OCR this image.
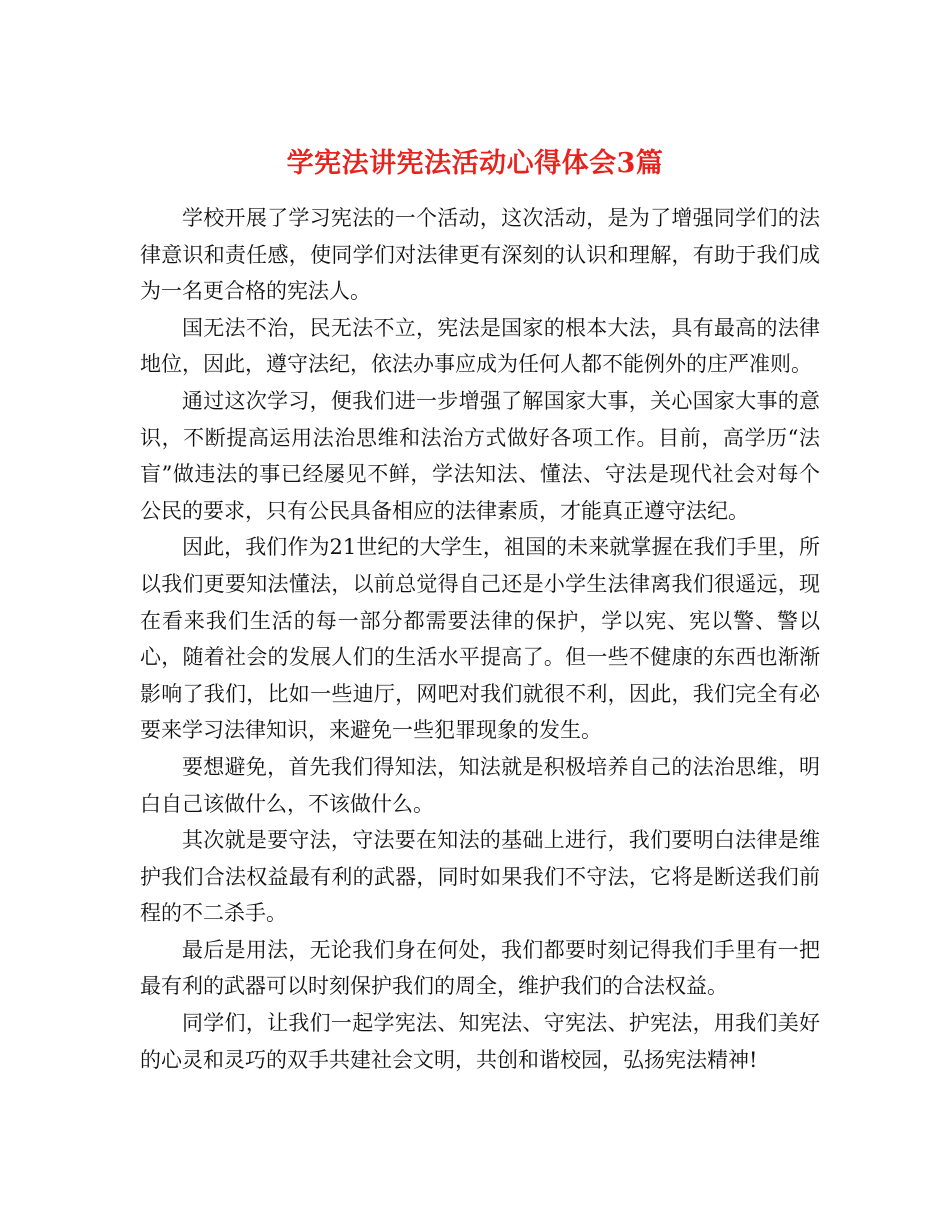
学宪法讲宪法活动心得体会3篇

学校开展了学习宪法的一个活动，这次活动，是为了增强同学们的法律意识和责任感，使同学们对法律更有深刻的认识和理解，有助于我们成为一名更合格的宪法人。

国无法不治，民无法不立，宪法是国家的根本大法，具有最高的法律地位，因此，遵守法纪，依法办事应成为任何人都不能例外的庄严准则。

通过这次学习，便我们进一步增强了解国家大事，关心国家大事的意识，不断提高运用法治思维和法治方式做好各项工作。目前，高学历“法盲”做违法的事已经屡见不鲜，学法知法、懂法、守法是现代社会对每个公民的要求，只有公民具备相应的法律素质，才能真正遵守法纪。

因此，我们作为21世纪的大学生，祖国的未来就掌握在我们手里，所以我们更要知法懂法，以前总觉得自己还是小学生法律离我们很遥远，现在看来我们生活的每一部分都需要法律的保护，学以宪、宪以警、警以心，随着社会的发展人们的生活水平提高了。但一些不健康的东西也渐渐影响了我们，比如一些迪厅，网吧对我们就很不利，因此，我们完全有必要来学习法律知识，来避免一些犯罪现象的发生。

要想避免，首先我们得知法，知法就是积极培养自己的法治思维，明白自己该做什么，不该做什么。

其次就是要守法，守法要在知法的基础上进行，我们要明白法律是维护我们合法权益最有利的武器，同时如果我们不守法，它将是断送我们前程的不二杀手。

最后是用法，无论我们身在何处，我们都要时刻记得我们手里有一把最有利的武器可以时刻保护我们的周全，维护我们的合法权益。

同学们，让我们一起学宪法、知宪法、守宪法、护宪法，用我们美好的心灵和灵巧的双手共建社会文明，共创和谐校园，弘扬宪法精神!
